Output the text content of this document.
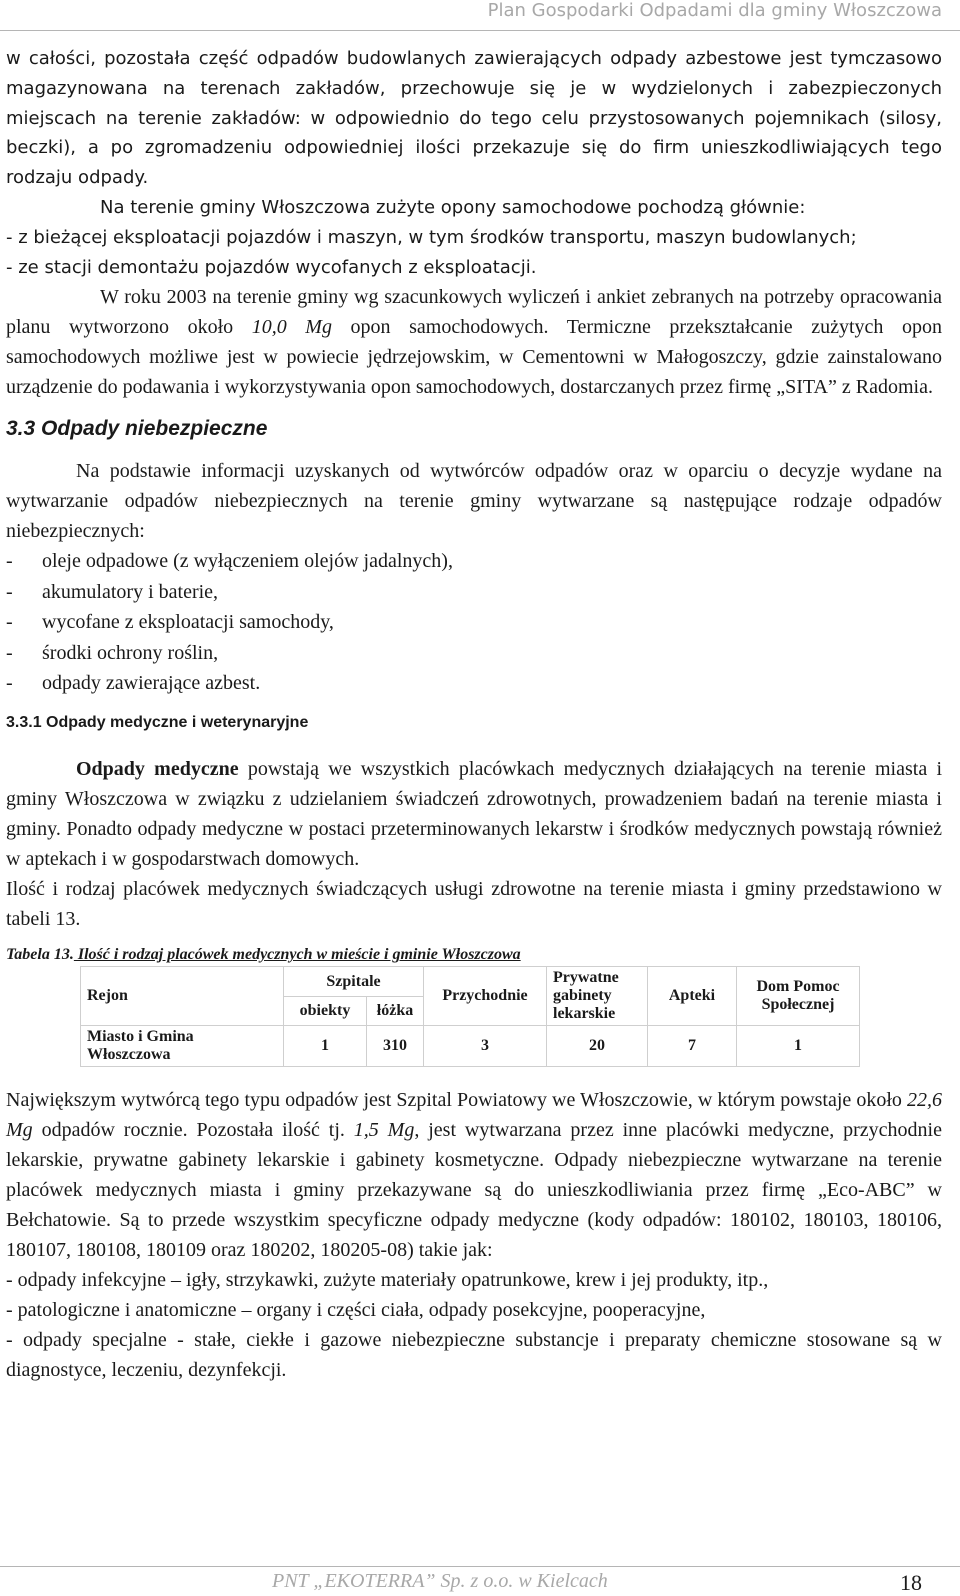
Plan Gospodarki Odpadami dla gminy Włoszczowa

w całości, pozostała część odpadów budowlanych zawierających odpady azbestowe jest tymczasowo magazynowana na terenach zakładów, przechowuje się je w wydzielonych i zabezpieczonych miejscach na terenie zakładów: w odpowiednio do tego celu przystosowanych pojemnikach (silosy, beczki), a po zgromadzeniu odpowiedniej ilości przekazuje się do firm unieszkodliwiających tego rodzaju odpady.

Na terenie gminy Włoszczowa zużyte opony samochodowe pochodzą głównie:

- z bieżącej eksploatacji pojazdów i maszyn, w tym środków transportu, maszyn budowlanych;

- ze stacji demontażu pojazdów wycofanych z eksploatacji.

W roku 2003 na terenie gminy wg szacunkowych wyliczeń i ankiet zebranych na potrzeby opracowania planu wytworzono około 10,0 Mg opon samochodowych. Termiczne przekształcanie zużytych opon samochodowych możliwe jest w powiecie jędrzejowskim, w Cementowni w Małogoszczy, gdzie zainstalowano urządzenie do podawania i wykorzystywania opon samochodowych, dostarczanych przez firmę „SITA” z Radomia.

3.3 Odpady niebezpieczne

Na podstawie informacji uzyskanych od wytwórców odpadów oraz w oparciu o decyzje wydane na wytwarzanie odpadów niebezpiecznych na terenie gminy wytwarzane są następujące rodzaje odpadów niebezpiecznych:

-	oleje odpadowe (z wyłączeniem olejów jadalnych),
-	akumulatory i baterie,
-	wycofane z eksploatacji samochody,
-	środki ochrony roślin,
-	odpady zawierające azbest.
3.3.1 Odpady medyczne i weterynaryjne

Odpady medyczne powstają we wszystkich placówkach medycznych działających na terenie miasta i gminy Włoszczowa w związku z udzielaniem świadczeń zdrowotnych, prowadzeniem badań na terenie miasta i gminy. Ponadto odpady medyczne w postaci przeterminowanych lekarstw i środków medycznych powstają również w aptekach i w gospodarstwach domowych.

Ilość i rodzaj placówek medycznych świadczących usługi zdrowotne na terenie miasta i gminy przedstawiono w tabeli 13.

Tabela 13. Ilość i rodzaj placówek medycznych w mieście i gminie Włoszczowa

Rejon	Szpitale		Przychodnie	Prywatne gabinety lekarskie	Apteki	Dom Pomoc Społecznej
	obiekty	łóżka				
Miasto i Gmina Włoszczowa	1	310	3	20	7	1

Największym wytwórcą tego typu odpadów jest Szpital Powiatowy we Włoszczowie, w którym powstaje około 22,6 Mg odpadów rocznie. Pozostała ilość tj. 1,5 Mg, jest wytwarzana przez inne placówki medyczne, przychodnie lekarskie, prywatne gabinety lekarskie i gabinety kosmetyczne. Odpady niebezpieczne wytwarzane na terenie placówek medycznych miasta i gminy przekazywane są do unieszkodliwiania przez firmę „Eco-ABC” w Bełchatowie. Są to przede wszystkim specyficzne odpady medyczne (kody odpadów: 180102, 180103, 180106, 180107, 180108, 180109 oraz 180202, 180205-08) takie jak:

- odpady infekcyjne – igły, strzykawki, zużyte materiały opatrunkowe, krew i jej produkty, itp.,

- patologiczne i anatomiczne – organy i części ciała, odpady posekcyjne, pooperacyjne,

- odpady specjalne - stałe, ciekłe i gazowe niebezpieczne substancje i preparaty chemiczne stosowane są w diagnostyce, leczeniu, dezynfekcji.

PNT „EKOTERRA” Sp. z o.o. w Kielcach	18
